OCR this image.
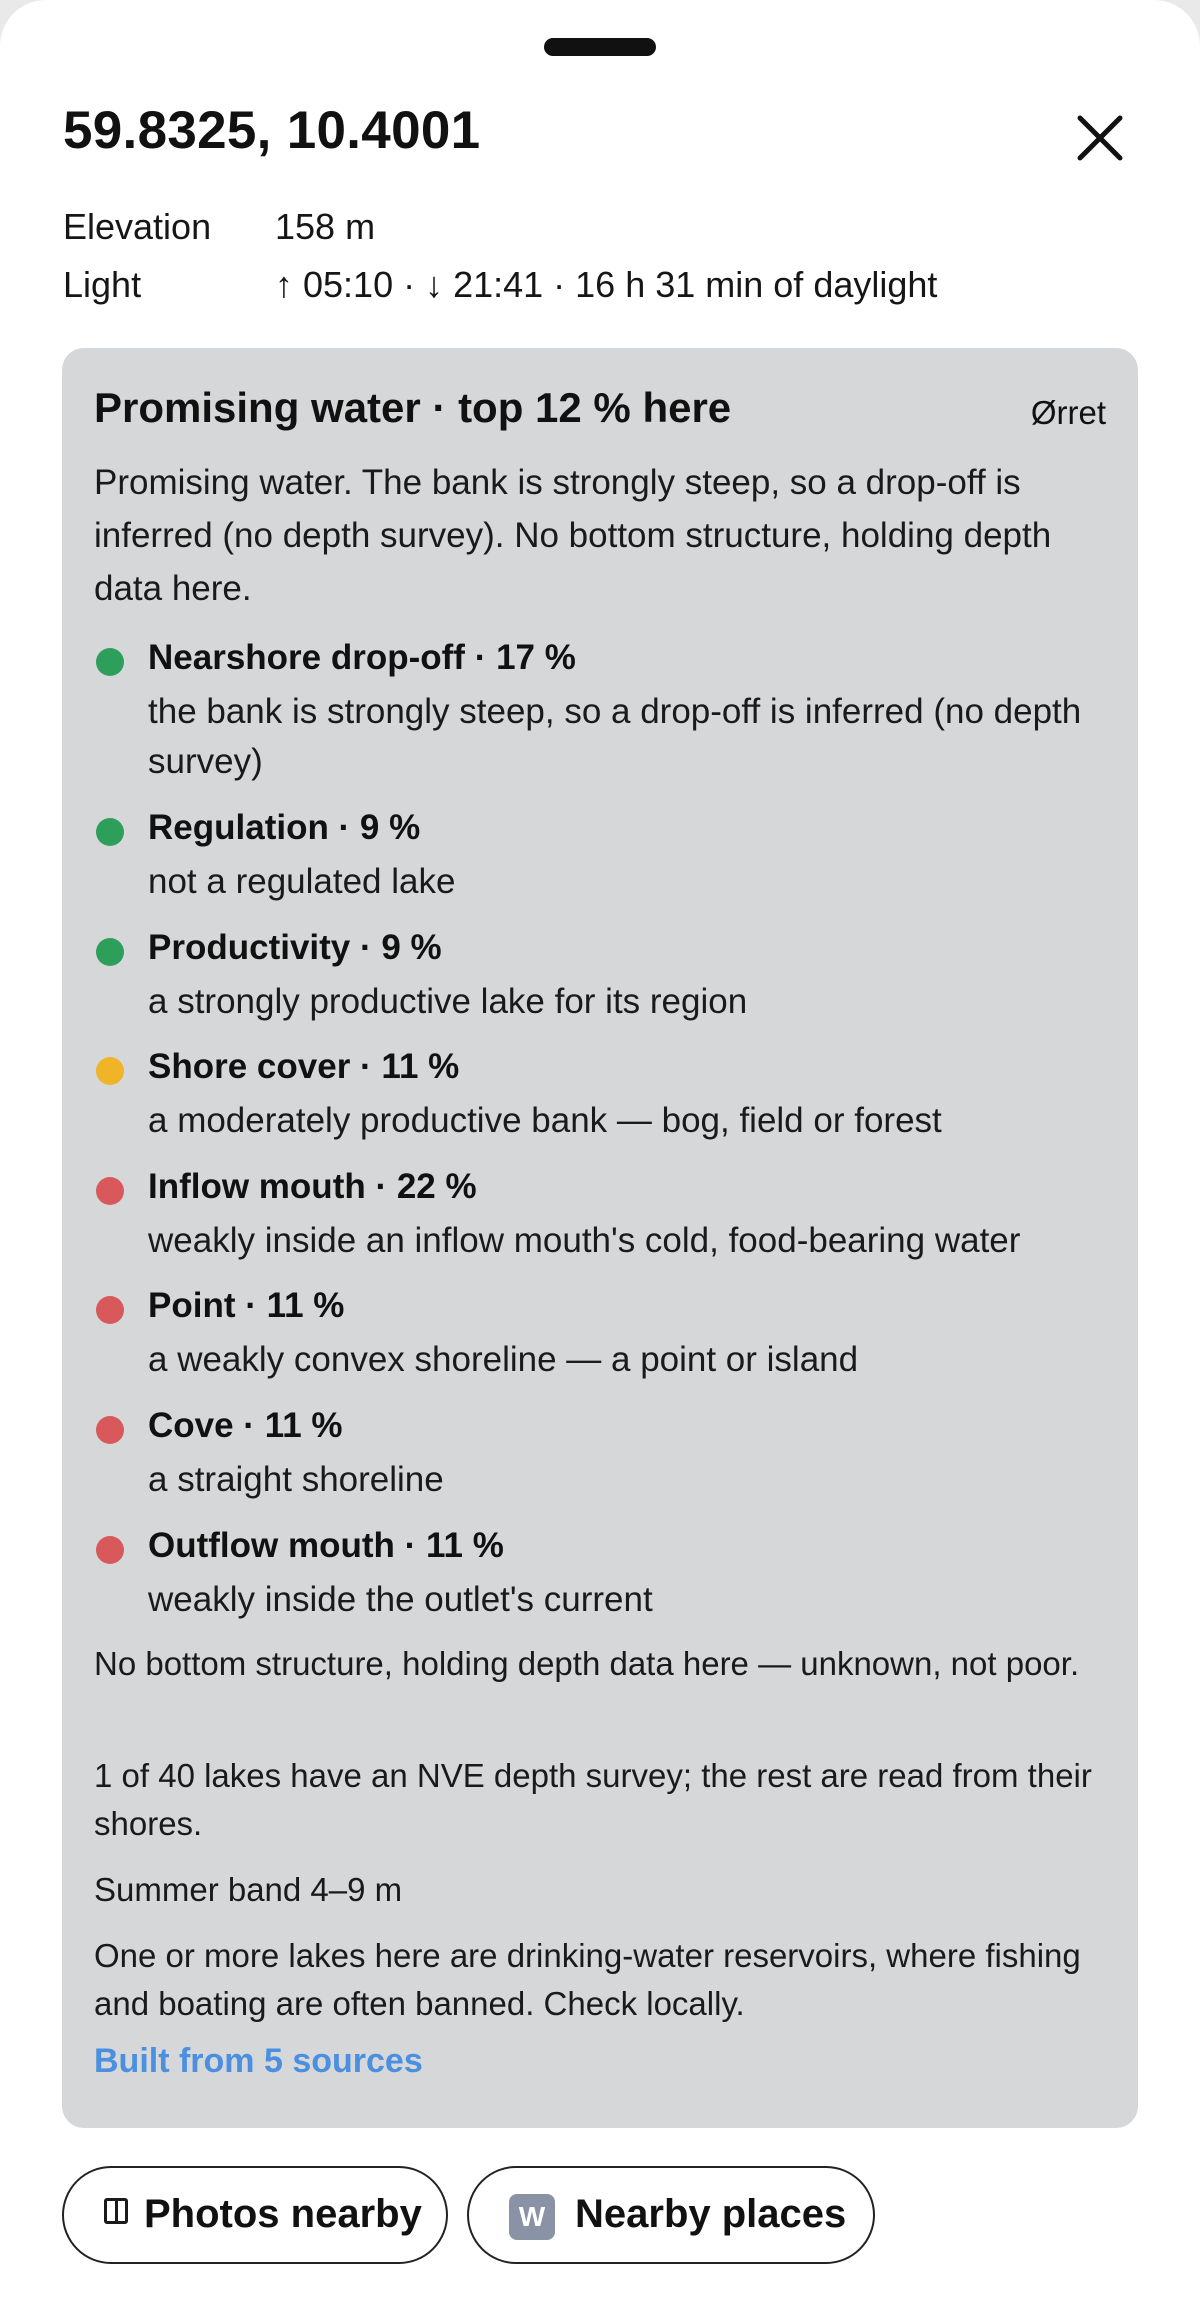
59.8325, 10.4001
Elevation 158 m
Light	↑ 05:10 · ↓ 21:41 · 16 h 31 min of daylight
Promising water · top 12 % here	Ørret
Promising water. The bank is strongly steep, so a drop-off is inferred (no depth survey). No bottom structure, holding depth data here.
Nearshore drop-off · 17 %
the bank is strongly steep, so a drop-off is inferred (no depth survey)
Regulation · 9 %
not a regulated lake
Productivity · 9 %
a strongly productive lake for its region
Shore cover · 11 %
a moderately productive bank — bog, field or forest
Inflow mouth · 22 %
weakly inside an inflow mouth's cold, food-bearing water
Point · 11 %
a weakly convex shoreline — a point or island
Cove · 11 %
a straight shoreline
Outflow mouth · 11 %
weakly inside the outlet's current
No bottom structure, holding depth data here — unknown, not poor.
1 of 40 lakes have an NVE depth survey; the rest are read from their shores.
Summer band 4–9 m
One or more lakes here are drinking-water reservoirs, where fishing and boating are often banned. Check locally.
Built from 5 sources
Photos nearby	W Nearby places
